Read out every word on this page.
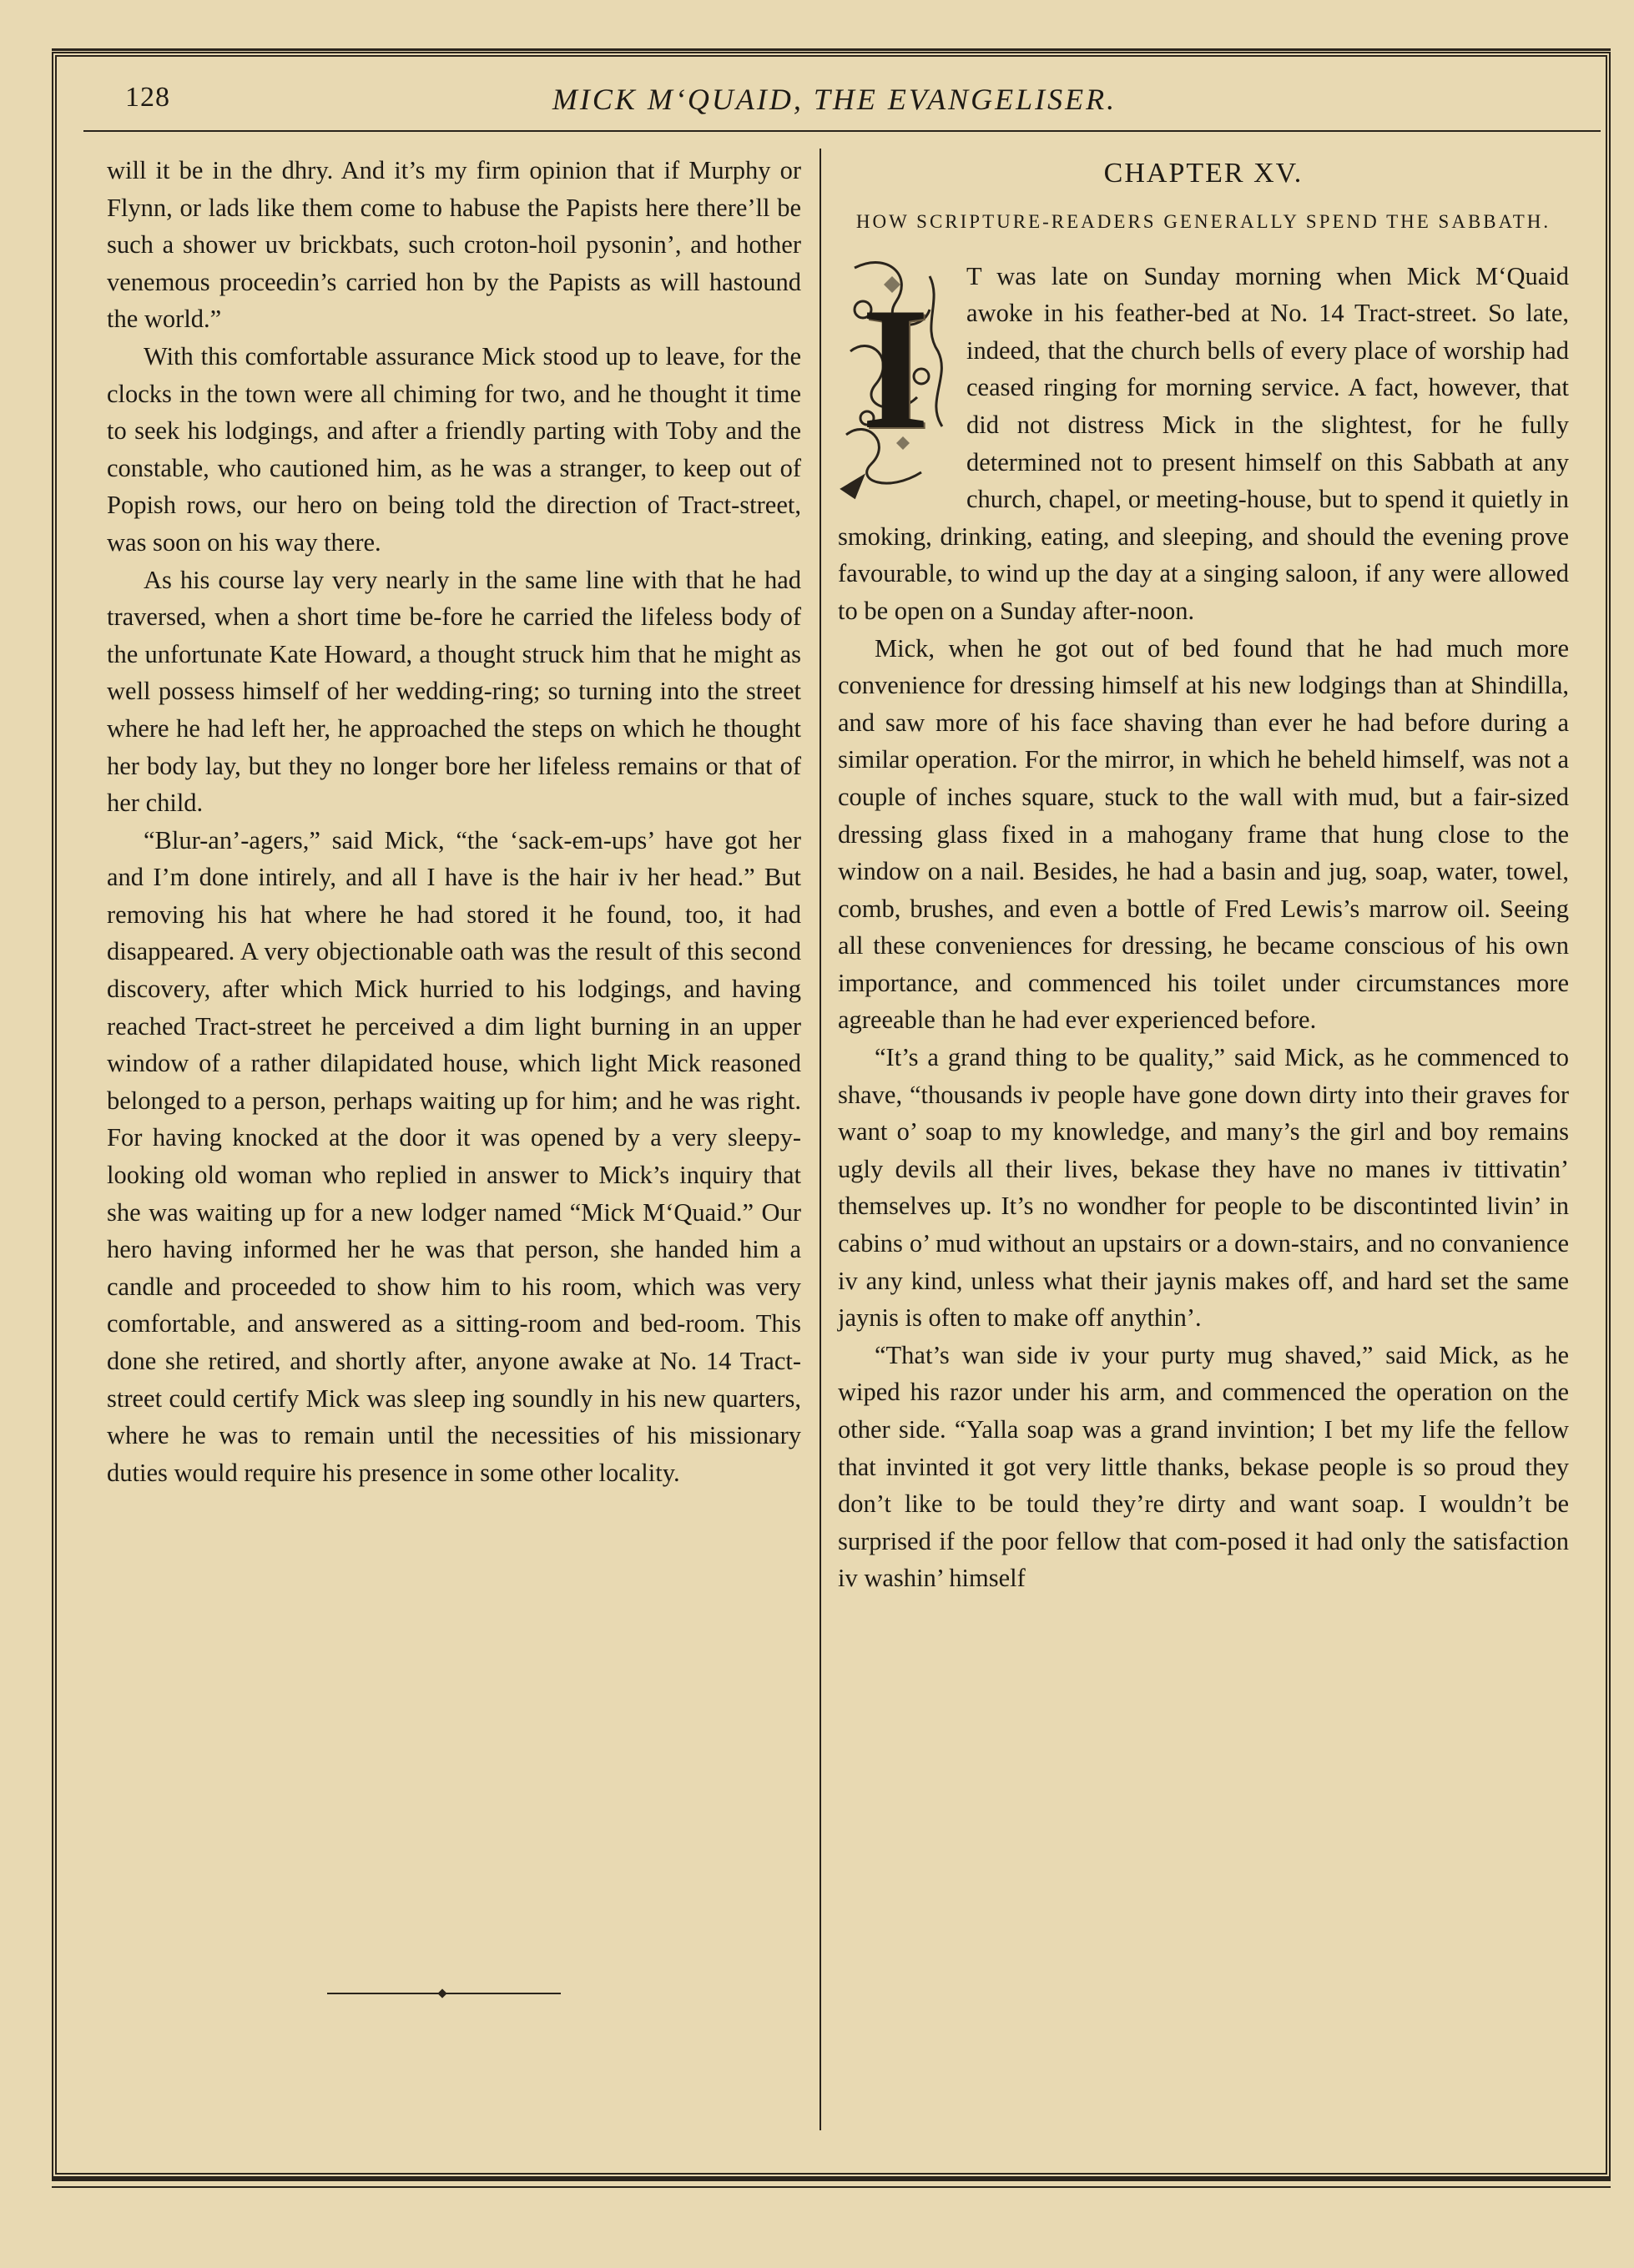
128	MICK M‘QUAID, THE EVANGELISER.

will it be in the dhry. And it’s my firm opinion that if Murphy or Flynn, or lads like them come to habuse the Papists here there’ll be such a shower uv brickbats, such croton-hoil pysonin’, and hother venemous proceedin’s carried hon by the Papists as will hastound the world.”

With this comfortable assurance Mick stood up to leave, for the clocks in the town were all chiming for two, and he thought it time to seek his lodgings, and after a friendly parting with Toby and the constable, who cautioned him, as he was a stranger, to keep out of Popish rows, our hero on being told the direction of Tract-street, was soon on his way there.

As his course lay very nearly in the same line with that he had traversed, when a short time be-fore he carried the lifeless body of the unfortunate Kate Howard, a thought struck him that he might as well possess himself of her wedding-ring; so turning into the street where he had left her, he approached the steps on which he thought her body lay, but they no longer bore her lifeless remains or that of her child.

“Blur-an’-agers,” said Mick, “the ‘sack-em-ups’ have got her and I’m done intirely, and all I have is the hair iv her head.” But removing his hat where he had stored it he found, too, it had disappeared. A very objectionable oath was the result of this second discovery, after which Mick hurried to his lodgings, and having reached Tract-street he perceived a dim light burning in an upper window of a rather dilapidated house, which light Mick reasoned belonged to a person, perhaps waiting up for him; and he was right. For having knocked at the door it was opened by a very sleepy-looking old woman who replied in answer to Mick’s inquiry that she was waiting up for a new lodger named “Mick M‘Quaid.” Our hero having informed her he was that person, she handed him a candle and proceeded to show him to his room, which was very comfortable, and answered as a sitting-room and bed-room. This done she retired, and shortly after, anyone awake at No. 14 Tract-street could certify Mick was sleep ing soundly in his new quarters, where he was to remain until the necessities of his missionary duties would require his presence in some other locality.

CHAPTER XV.
HOW SCRIPTURE-READERS GENERALLY SPEND THE SABBATH.
I	T was late on Sunday morning when Mick M‘Quaid awoke in his feather-bed at No. 14 Tract-street. So late, indeed, that the church bells of every place of worship had ceased ringing for morning service. A fact, however, that did not distress Mick in the slightest, for he fully determined not to present himself on this Sabbath at any church, chapel, or meeting-house, but to spend it quietly in smoking, drinking, eating, and sleeping, and should the evening prove favourable, to wind up the day at a singing saloon, if any were allowed to be open on a Sunday after-noon.

Mick, when he got out of bed found that he had much more convenience for dressing himself at his new lodgings than at Shindilla, and saw more of his face shaving than ever he had before during a similar operation. For the mirror, in which he beheld himself, was not a couple of inches square, stuck to the wall with mud, but a fair-sized dressing glass fixed in a mahogany frame that hung close to the window on a nail. Besides, he had a basin and jug, soap, water, towel, comb, brushes, and even a bottle of Fred Lewis’s marrow oil. Seeing all these conveniences for dressing, he became conscious of his own importance, and commenced his toilet under circumstances more agreeable than he had ever experienced before.

“It’s a grand thing to be quality,” said Mick, as he commenced to shave, “thousands iv people have gone down dirty into their graves for want o’ soap to my knowledge, and many’s the girl and boy remains ugly devils all their lives, bekase they have no manes iv tittivatin’ themselves up. It’s no wondher for people to be discontinted livin’ in cabins o’ mud without an upstairs or a down-stairs, and no convanience iv any kind, unless what their jaynis makes off, and hard set the same jaynis is often to make off anythin’.

“That’s wan side iv your purty mug shaved,” said Mick, as he wiped his razor under his arm, and commenced the operation on the other side. “Yalla soap was a grand invintion; I bet my life the fellow that invinted it got very little thanks, bekase people is so proud they don’t like to be tould they’re dirty and want soap. I wouldn’t be surprised if the poor fellow that com-posed it had only the satisfaction iv washin’ himself
